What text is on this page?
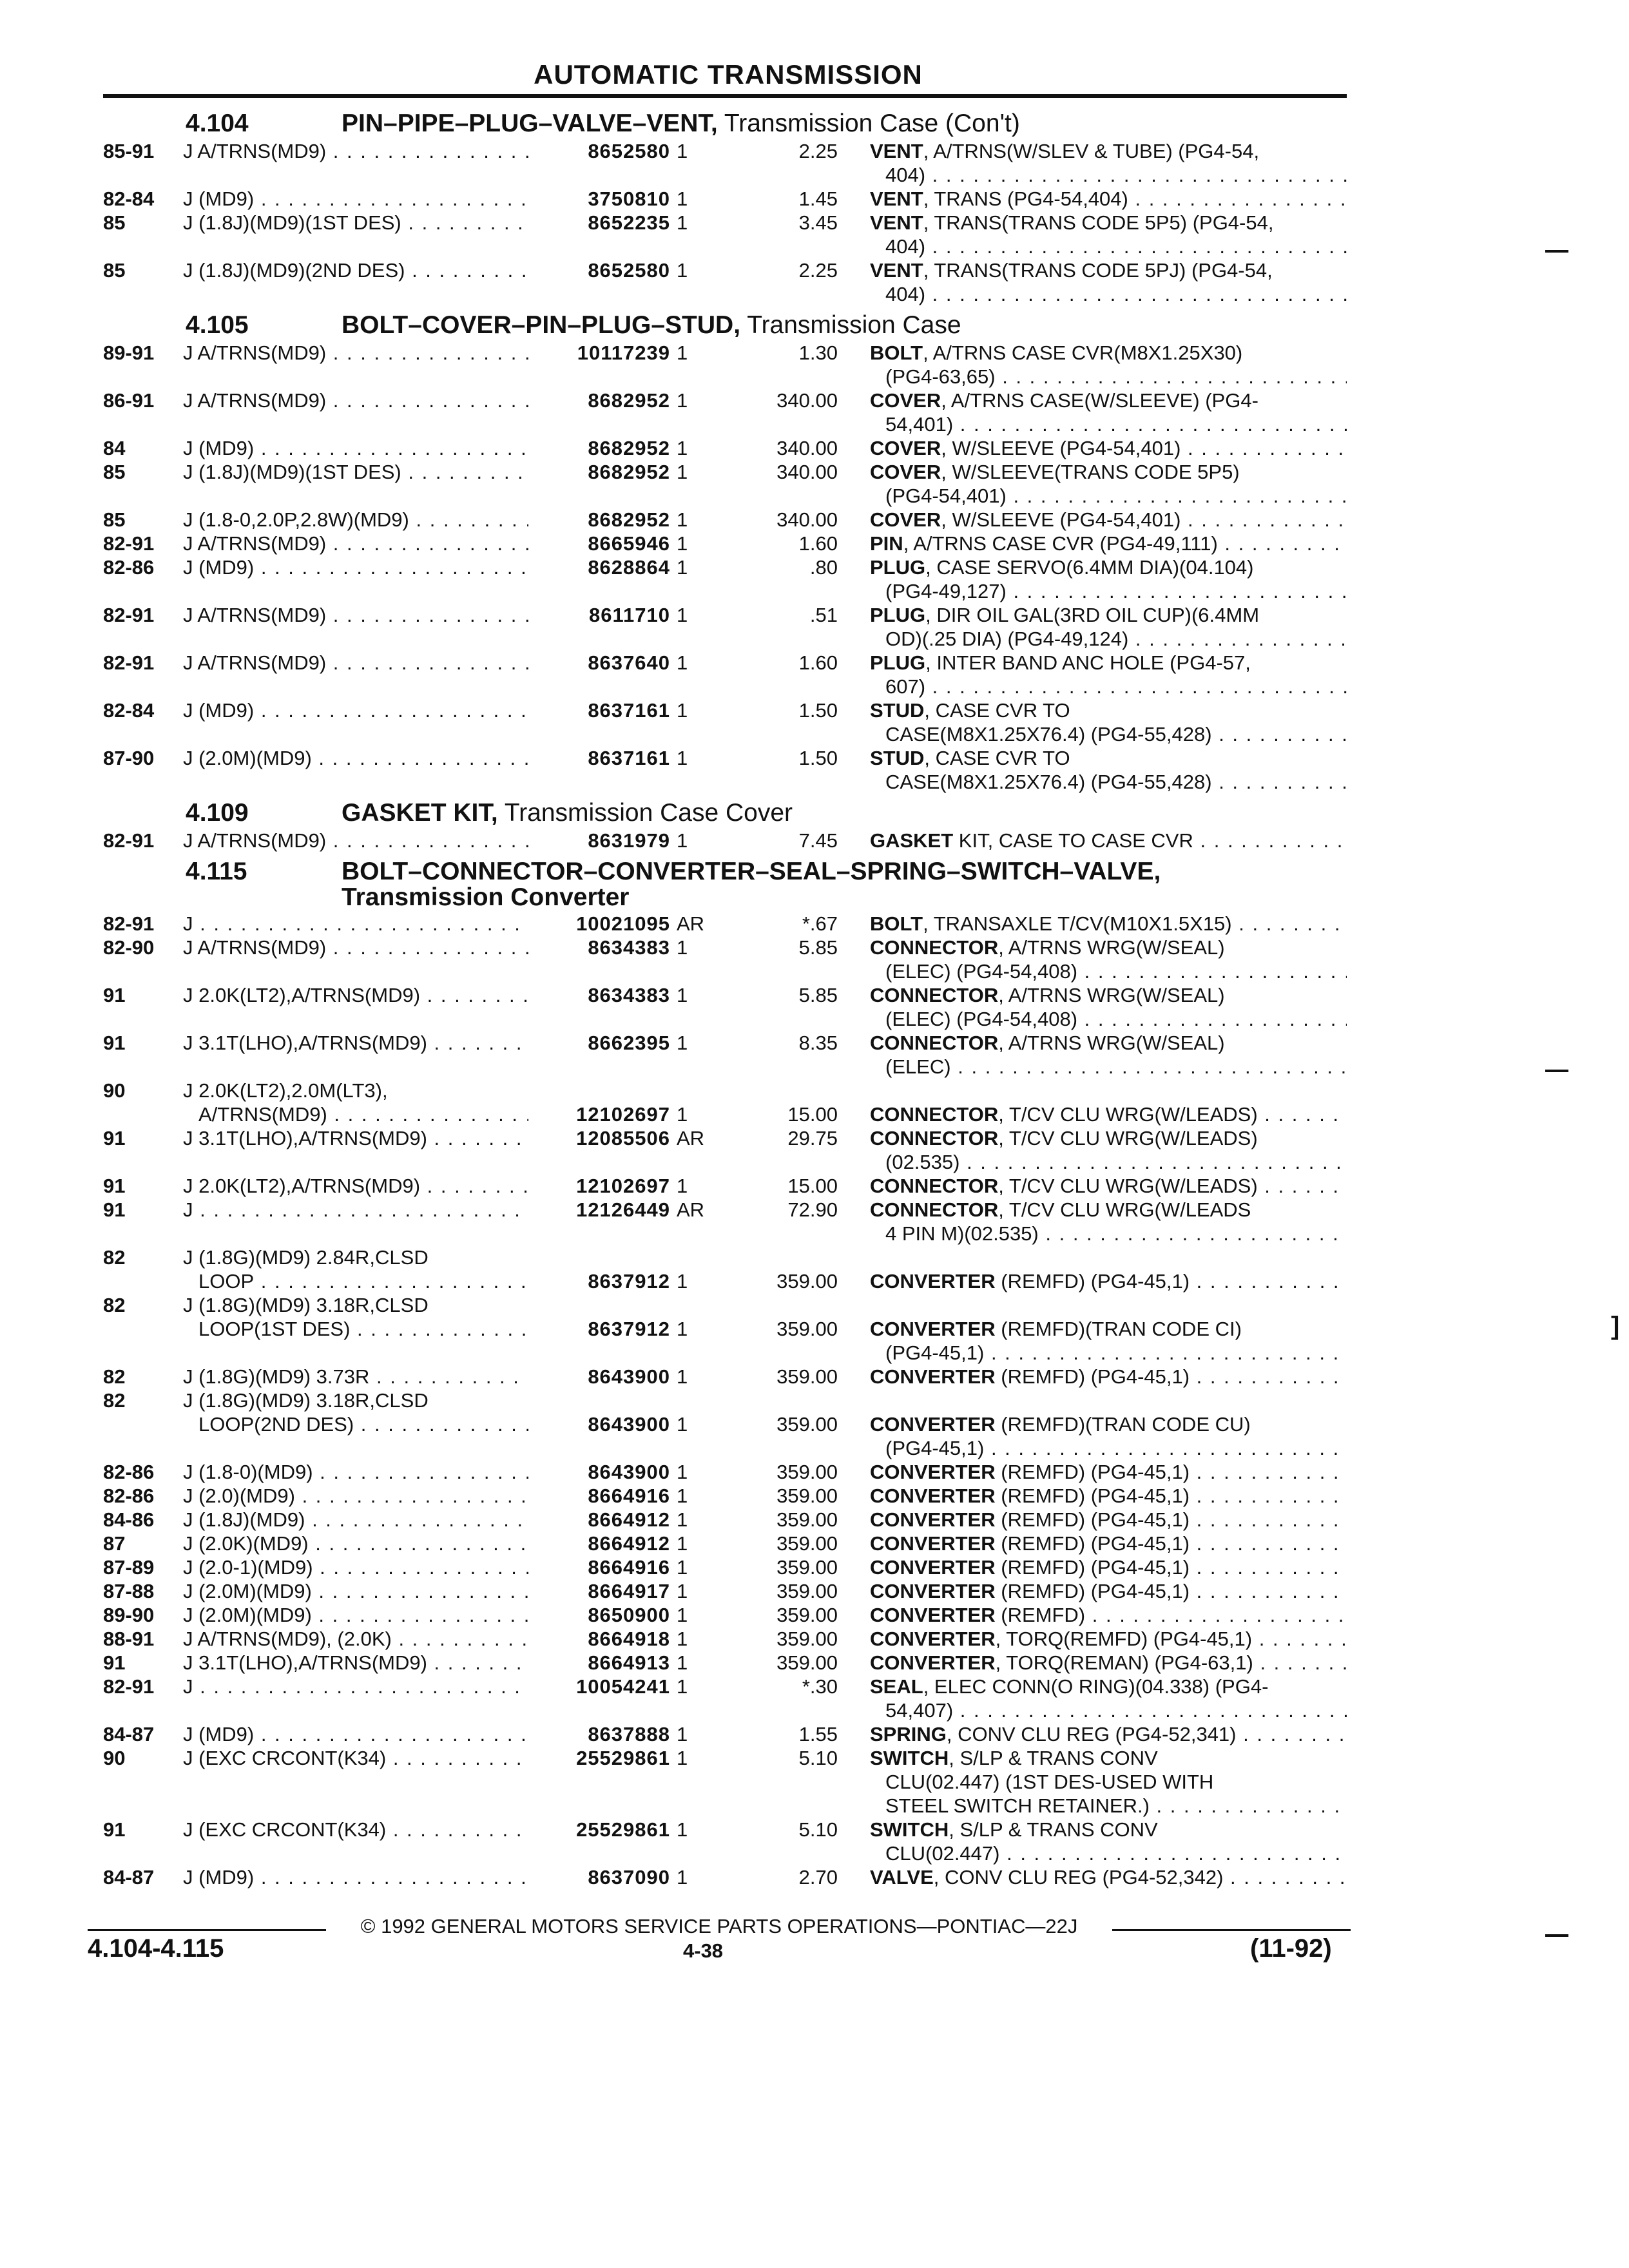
AUTOMATIC TRANSMISSION
4.104	PIN–PIPE–PLUG–VALVE–VENT, Transmission Case (Con't)
85-91 J A/TRNS(MD9) . . .	8652580 1	2.25 VENT, A/TRNS(W/SLEV & TUBE) (PG4-54,
404) . . .
82-84 J (MD9) . . .	3750810 1	1.45 VENT, TRANS (PG4-54,404) . . .
85	J (1.8J)(MD9)(1ST DES) . . .	8652235 1	3.45 VENT, TRANS(TRANS CODE 5P5) (PG4-54,
404) . . .
85	J (1.8J)(MD9)(2ND DES) . . .	8652580 1	2.25 VENT, TRANS(TRANS CODE 5PJ) (PG4-54,
404) . . .
4.105	BOLT–COVER–PIN–PLUG–STUD, Transmission Case
89-91 J A/TRNS(MD9) . . .	10117239 1	1.30 BOLT, A/TRNS CASE CVR(M8X1.25X30)
(PG4-63,65) . . .
86-91 J A/TRNS(MD9) . . .	8682952 1	340.00 COVER, A/TRNS CASE(W/SLEEVE) (PG4-
54,401) . . .
84	J (MD9) . . .	8682952 1	340.00 COVER, W/SLEEVE (PG4-54,401) . . .
85	J (1.8J)(MD9)(1ST DES) . . .	8682952 1	340.00 COVER, W/SLEEVE(TRANS CODE 5P5)
(PG4-54,401) . . .
85	J (1.8-0,2.0P,2.8W)(MD9) . . .	8682952 1	340.00 COVER, W/SLEEVE (PG4-54,401) . . .
82-91 J A/TRNS(MD9) . . .	8665946 1	1.60 PIN, A/TRNS CASE CVR (PG4-49,111) . . .
82-86 J (MD9) . . .	8628864 1	.80 PLUG, CASE SERVO(6.4MM DIA)(04.104)
(PG4-49,127) . . .
82-91 J A/TRNS(MD9) . . .	8611710 1	.51 PLUG, DIR OIL GAL(3RD OIL CUP)(6.4MM
OD)(.25 DIA) (PG4-49,124) . . .
82-91 J A/TRNS(MD9) . . .	8637640 1	1.60 PLUG, INTER BAND ANC HOLE (PG4-57,
607) . . .
82-84 J (MD9) . . .	8637161 1	1.50 STUD, CASE CVR TO
CASE(M8X1.25X76.4) (PG4-55,428) . . .
87-90 J (2.0M)(MD9) . . .	8637161 1	1.50 STUD, CASE CVR TO
CASE(M8X1.25X76.4) (PG4-55,428) . . .
4.109	GASKET KIT, Transmission Case Cover
82-91 J A/TRNS(MD9) . . .	8631979 1	7.45 GASKET KIT, CASE TO CASE CVR . . .
4.115	BOLT–CONNECTOR–CONVERTER–SEAL–SPRING–SWITCH–VALVE,
Transmission Converter
82-91 J . . .	10021095 AR	*.67 BOLT, TRANSAXLE T/CV(M10X1.5X15) . . .
82-90 J A/TRNS(MD9) . . .	8634383 1	5.85 CONNECTOR, A/TRNS WRG(W/SEAL)
(ELEC) (PG4-54,408) . . .
91	J 2.0K(LT2),A/TRNS(MD9) . . .	8634383 1	5.85 CONNECTOR, A/TRNS WRG(W/SEAL)
(ELEC) (PG4-54,408) . . .
91	J 3.1T(LHO),A/TRNS(MD9) . . .	8662395 1	8.35 CONNECTOR, A/TRNS WRG(W/SEAL)
(ELEC) . . .
90	J 2.0K(LT2),2.0M(LT3),
A/TRNS(MD9) . . .	12102697 1	15.00 CONNECTOR, T/CV CLU WRG(W/LEADS) . . .
91	J 3.1T(LHO),A/TRNS(MD9) . . .	12085506 AR	29.75 CONNECTOR, T/CV CLU WRG(W/LEADS)
(02.535) . . .
91	J 2.0K(LT2),A/TRNS(MD9) . . .	12102697 1	15.00 CONNECTOR, T/CV CLU WRG(W/LEADS) . . .
91	J . . .	12126449 AR	72.90 CONNECTOR, T/CV CLU WRG(W/LEADS
4 PIN M)(02.535) . . .
82	J (1.8G)(MD9) 2.84R,CLSD
LOOP . . .	8637912 1	359.00 CONVERTER (REMFD) (PG4-45,1) . . .
82	J (1.8G)(MD9) 3.18R,CLSD
LOOP(1ST DES) . . .	8637912 1	359.00 CONVERTER (REMFD)(TRAN CODE CI)
(PG4-45,1) . . .
82	J (1.8G)(MD9) 3.73R . . .	8643900 1	359.00 CONVERTER (REMFD) (PG4-45,1) . . .
82	J (1.8G)(MD9) 3.18R,CLSD
LOOP(2ND DES) . . .	8643900 1	359.00 CONVERTER (REMFD)(TRAN CODE CU)
(PG4-45,1) . . .
82-86 J (1.8-0)(MD9) . . .	8643900 1	359.00 CONVERTER (REMFD) (PG4-45,1) . . .
82-86 J (2.0)(MD9) . . .	8664916 1	359.00 CONVERTER (REMFD) (PG4-45,1) . . .
84-86 J (1.8J)(MD9) . . .	8664912 1	359.00 CONVERTER (REMFD) (PG4-45,1) . . .
87	J (2.0K)(MD9) . . .	8664912 1	359.00 CONVERTER (REMFD) (PG4-45,1) . . .
87-89 J (2.0-1)(MD9) . . .	8664916 1	359.00 CONVERTER (REMFD) (PG4-45,1) . . .
87-88 J (2.0M)(MD9) . . .	8664917 1	359.00 CONVERTER (REMFD) (PG4-45,1) . . .
89-90 J (2.0M)(MD9) . . .	8650900 1	359.00 CONVERTER (REMFD) . . .
88-91 J A/TRNS(MD9), (2.0K) . . .	8664918 1	359.00 CONVERTER, TORQ(REMFD) (PG4-45,1) . . .
91	J 3.1T(LHO),A/TRNS(MD9) . . .	8664913 1	359.00 CONVERTER, TORQ(REMAN) (PG4-63,1) . . .
82-91 J . . .	10054241 1	*.30 SEAL, ELEC CONN(O RING)(04.338) (PG4-
54,407) . . .
84-87 J (MD9) . . .	8637888 1	1.55 SPRING, CONV CLU REG (PG4-52,341) . . .
90	J (EXC CRCONT(K34) . . .	25529861 1	5.10 SWITCH, S/LP & TRANS CONV
CLU(02.447) (1ST DES-USED WITH
STEEL SWITCH RETAINER.) . . .
91	J (EXC CRCONT(K34) . . .	25529861 1	5.10 SWITCH, S/LP & TRANS CONV
CLU(02.447) . . .
84-87 J (MD9) . . .	8637090 1	2.70 VALVE, CONV CLU REG (PG4-52,342) . . .
© 1992 GENERAL MOTORS SERVICE PARTS OPERATIONS—PONTIAC—22J
4.104-4.115	4-38	(11-92)
]
